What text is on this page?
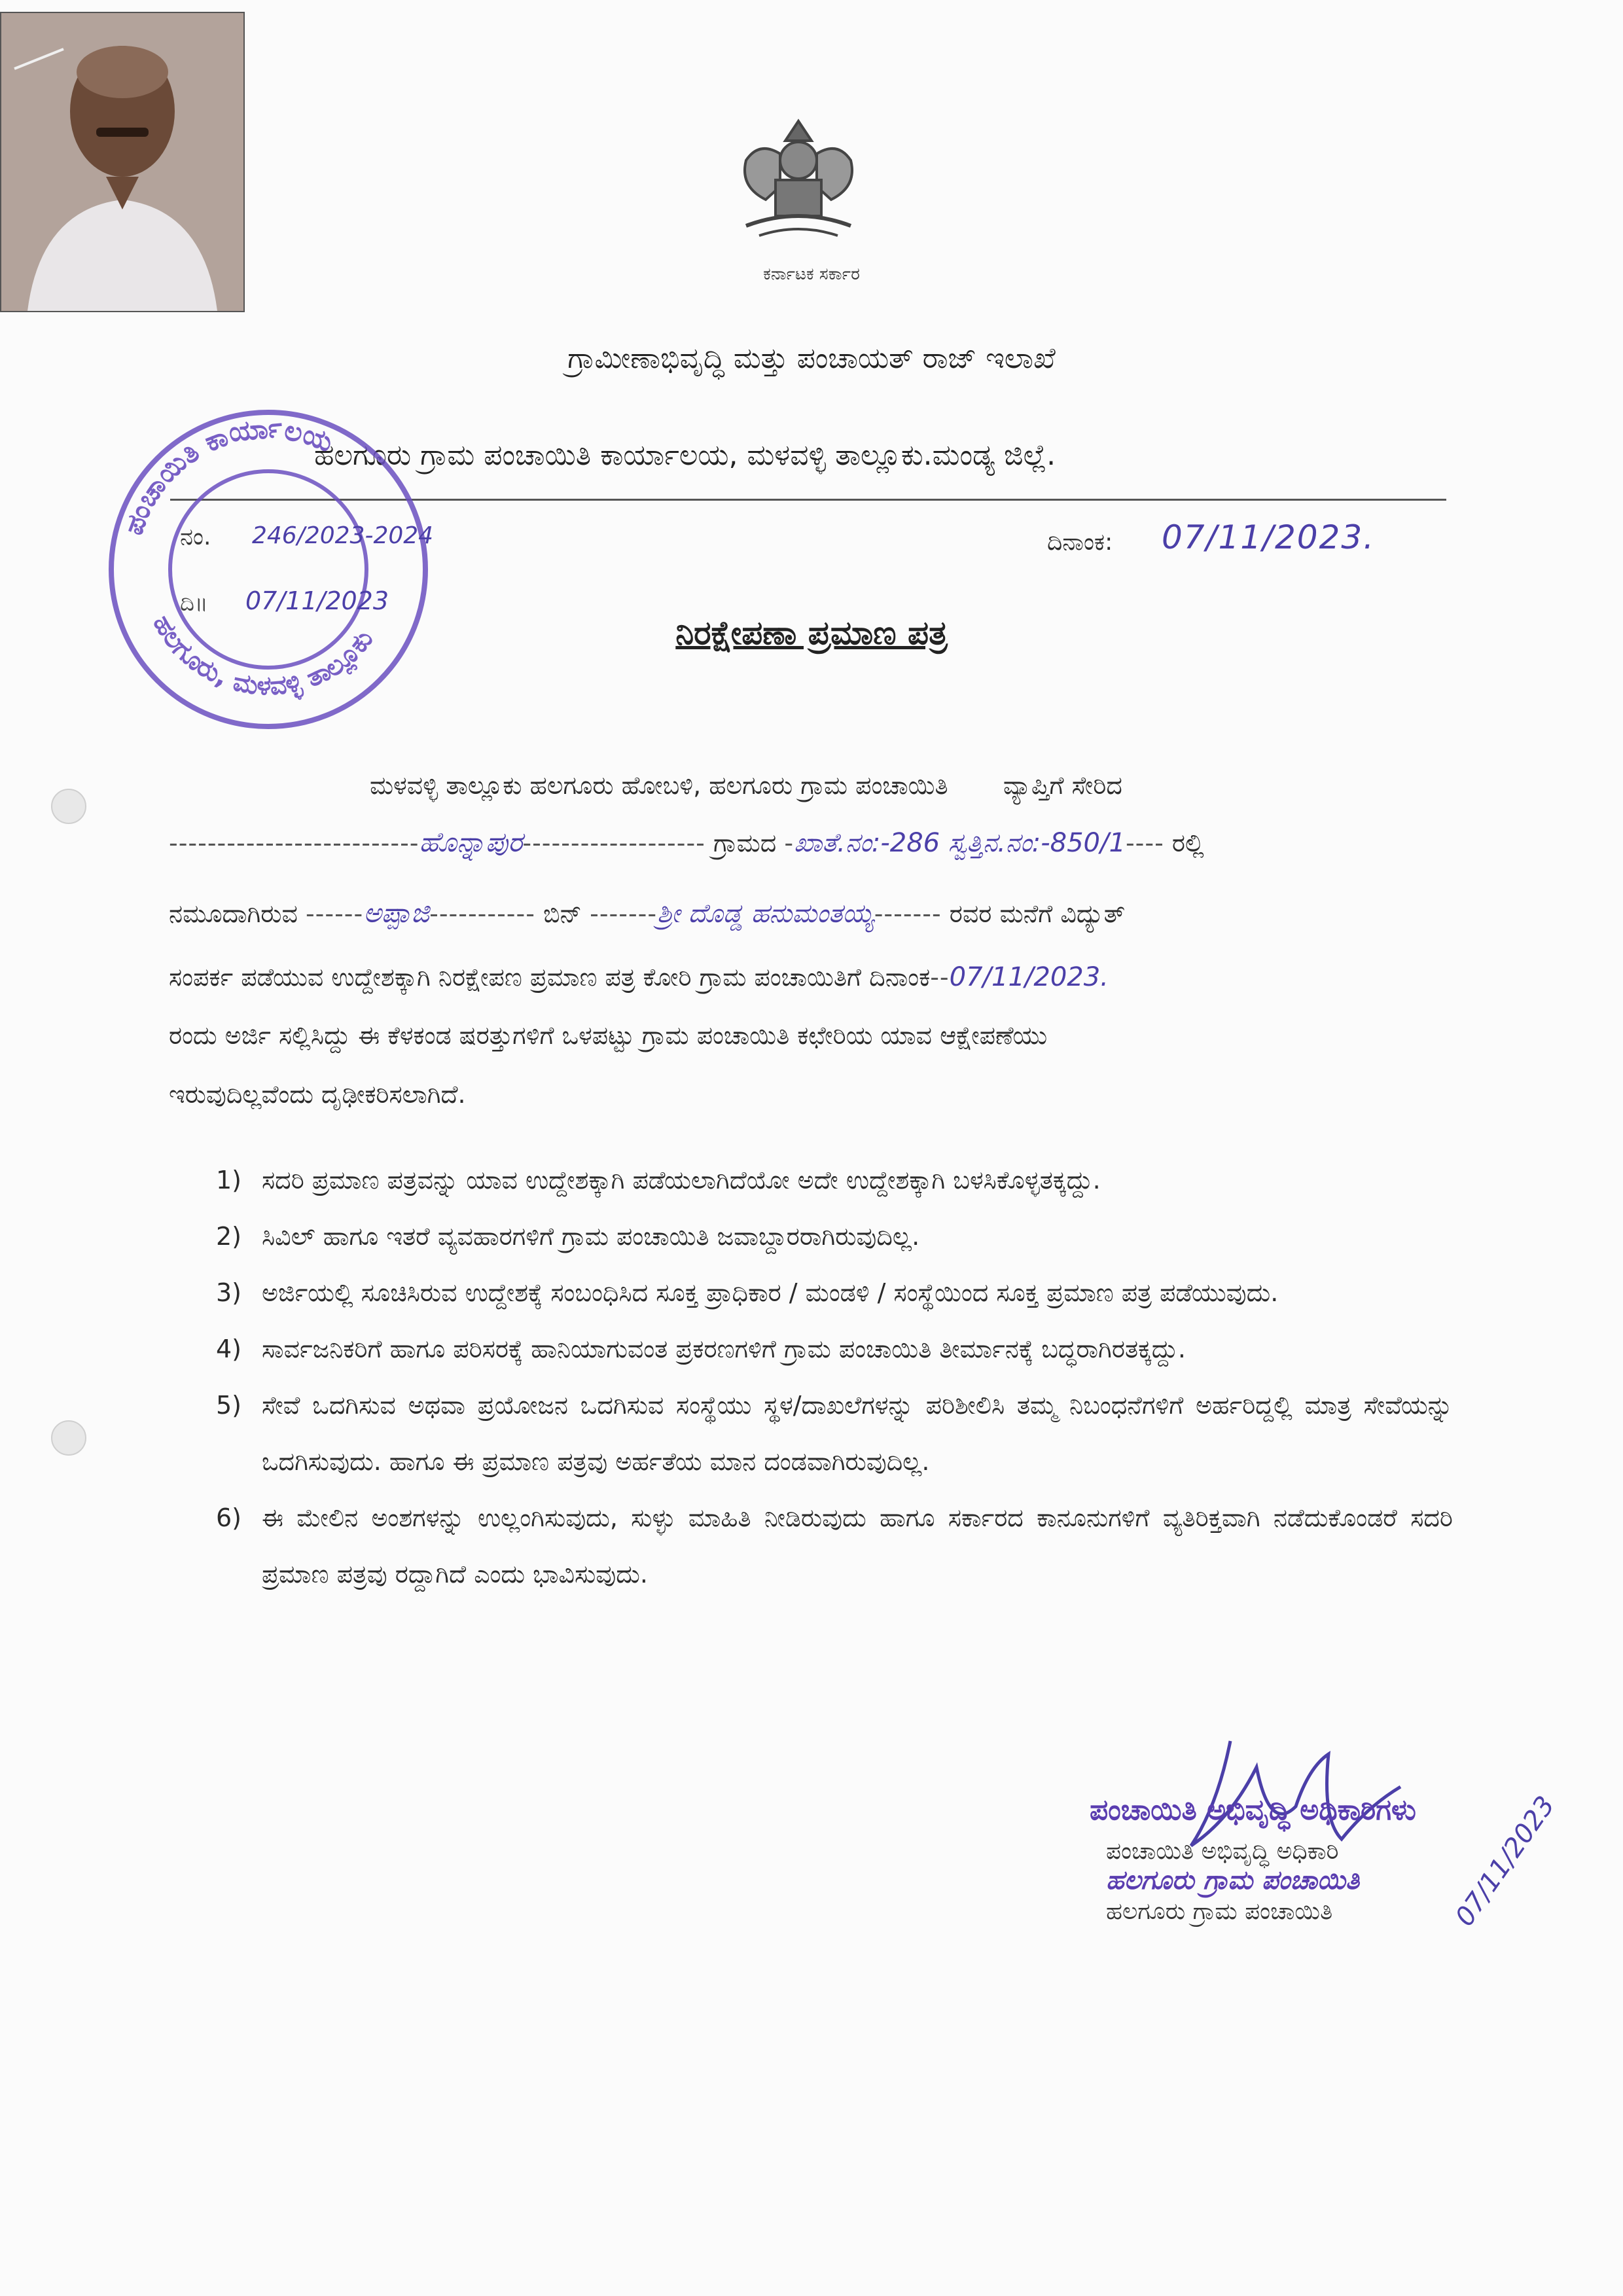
ಕರ್ನಾಟಕ ಸರ್ಕಾರ
ಗ್ರಾಮೀಣಾಭಿವೃದ್ಧಿ ಮತ್ತು ಪಂಚಾಯತ್ ರಾಜ್ ಇಲಾಖೆ
ಹಲಗೂರು ಗ್ರಾಮ ಪಂಚಾಯಿತಿ ಕಾರ್ಯಾಲಯ, ಮಳವಳ್ಳಿ ತಾಲ್ಲೂಕು.ಮಂಡ್ಯ ಜಿಲ್ಲೆ.
ಪಂಚಾಯಿತಿ ಕಾರ್ಯಾಲಯ
ಹಲಗೂರು, ಮಳವಳ್ಳಿ ತಾಲ್ಲೂಕು
ನಂ. 246/2023-2024
ದಿ॥ 07/11/2023
ದಿನಾಂಕ: 07/11/2023.
ನಿರಕ್ಷೇಪಣಾ ಪ್ರಮಾಣ ಪತ್ರ
ಮಳವಳ್ಳಿ ತಾಲ್ಲೂಕು ಹಲಗೂರು ಹೋಬಳಿ, ಹಲಗೂರು ಗ್ರಾಮ ಪಂಚಾಯಿತಿ ವ್ಯಾಪ್ತಿಗೆ ಸೇರಿದ
--------------------------ಹೊನ್ನಾಪುರ------------------- ಗ್ರಾಮದ -ಖಾತೆ.ನಂ:-286 ಸ್ವತ್ತಿನ.ನಂ:-850/1---- ರಲ್ಲಿ
ನಮೂದಾಗಿರುವ ------ಅಪ್ಪಾಜಿ----------- ಬಿನ್ -------ಶ್ರೀ ದೊಡ್ಡ ಹನುಮಂತಯ್ಯ------- ರವರ ಮನೆಗೆ ವಿದ್ಯುತ್
ಸಂಪರ್ಕ ಪಡೆಯುವ ಉದ್ದೇಶಕ್ಕಾಗಿ ನಿರಕ್ಷೇಪಣ ಪ್ರಮಾಣ ಪತ್ರ ಕೋರಿ ಗ್ರಾಮ ಪಂಚಾಯಿತಿಗೆ ದಿನಾಂಕ--07/11/2023.
ರಂದು ಅರ್ಜಿ ಸಲ್ಲಿಸಿದ್ದು ಈ ಕೆಳಕಂಡ ಷರತ್ತುಗಳಿಗೆ ಒಳಪಟ್ಟು ಗ್ರಾಮ ಪಂಚಾಯಿತಿ ಕಛೇರಿಯ ಯಾವ ಆಕ್ಷೇಪಣೆಯು
ಇರುವುದಿಲ್ಲವೆಂದು ದೃಢೀಕರಿಸಲಾಗಿದೆ.
1) ಸದರಿ ಪ್ರಮಾಣ ಪತ್ರವನ್ನು ಯಾವ ಉದ್ದೇಶಕ್ಕಾಗಿ ಪಡೆಯಲಾಗಿದೆಯೋ ಅದೇ ಉದ್ದೇಶಕ್ಕಾಗಿ ಬಳಸಿಕೊಳ್ಳತಕ್ಕದ್ದು.
2) ಸಿವಿಲ್ ಹಾಗೂ ಇತರೆ ವ್ಯವಹಾರಗಳಿಗೆ ಗ್ರಾಮ ಪಂಚಾಯಿತಿ ಜವಾಬ್ದಾರರಾಗಿರುವುದಿಲ್ಲ.
3) ಅರ್ಜಿಯಲ್ಲಿ ಸೂಚಿಸಿರುವ ಉದ್ದೇಶಕ್ಕೆ ಸಂಬಂಧಿಸಿದ ಸೂಕ್ತ ಪ್ರಾಧಿಕಾರ / ಮಂಡಳಿ / ಸಂಸ್ಥೆಯಿಂದ ಸೂಕ್ತ ಪ್ರಮಾಣ ಪತ್ರ ಪಡೆಯುವುದು.
4) ಸಾರ್ವಜನಿಕರಿಗೆ ಹಾಗೂ ಪರಿಸರಕ್ಕೆ ಹಾನಿಯಾಗುವಂತ ಪ್ರಕರಣಗಳಿಗೆ ಗ್ರಾಮ ಪಂಚಾಯಿತಿ ತೀರ್ಮಾನಕ್ಕೆ ಬದ್ಧರಾಗಿರತಕ್ಕದ್ದು.
5) ಸೇವೆ ಒದಗಿಸುವ ಅಥವಾ ಪ್ರಯೋಜನ ಒದಗಿಸುವ ಸಂಸ್ಥೆಯು ಸ್ಥಳ/ದಾಖಲೆಗಳನ್ನು ಪರಿಶೀಲಿಸಿ ತಮ್ಮ ನಿಬಂಧನೆಗಳಿಗೆ ಅರ್ಹರಿದ್ದಲ್ಲಿ ಮಾತ್ರ ಸೇವೆಯನ್ನು ಒದಗಿಸುವುದು. ಹಾಗೂ ಈ ಪ್ರಮಾಣ ಪತ್ರವು ಅರ್ಹತೆಯ ಮಾನ ದಂಡವಾಗಿರುವುದಿಲ್ಲ.
6) ಈ ಮೇಲಿನ ಅಂಶಗಳನ್ನು ಉಲ್ಲಂಗಿಸುವುದು, ಸುಳ್ಳು ಮಾಹಿತಿ ನೀಡಿರುವುದು ಹಾಗೂ ಸರ್ಕಾರದ ಕಾನೂನುಗಳಿಗೆ ವ್ಯತಿರಿಕ್ತವಾಗಿ ನಡೆದುಕೊಂಡರೆ ಸದರಿ ಪ್ರಮಾಣ ಪತ್ರವು ರದ್ದಾಗಿದೆ ಎಂದು ಭಾವಿಸುವುದು.
ಪಂಚಾಯಿತಿ ಅಭಿವೃದ್ಧಿ ಅಧಿಕಾರಿಗಳು
ಪಂಚಾಯಿತಿ ಅಭಿವೃದ್ಧಿ ಅಧಿಕಾರಿ
ಹಲಗೂರು ಗ್ರಾಮ ಪಂಚಾಯಿತಿ
ಹಲಗೂರು ಗ್ರಾಮ ಪಂಚಾಯಿತಿ	07/11/2023
